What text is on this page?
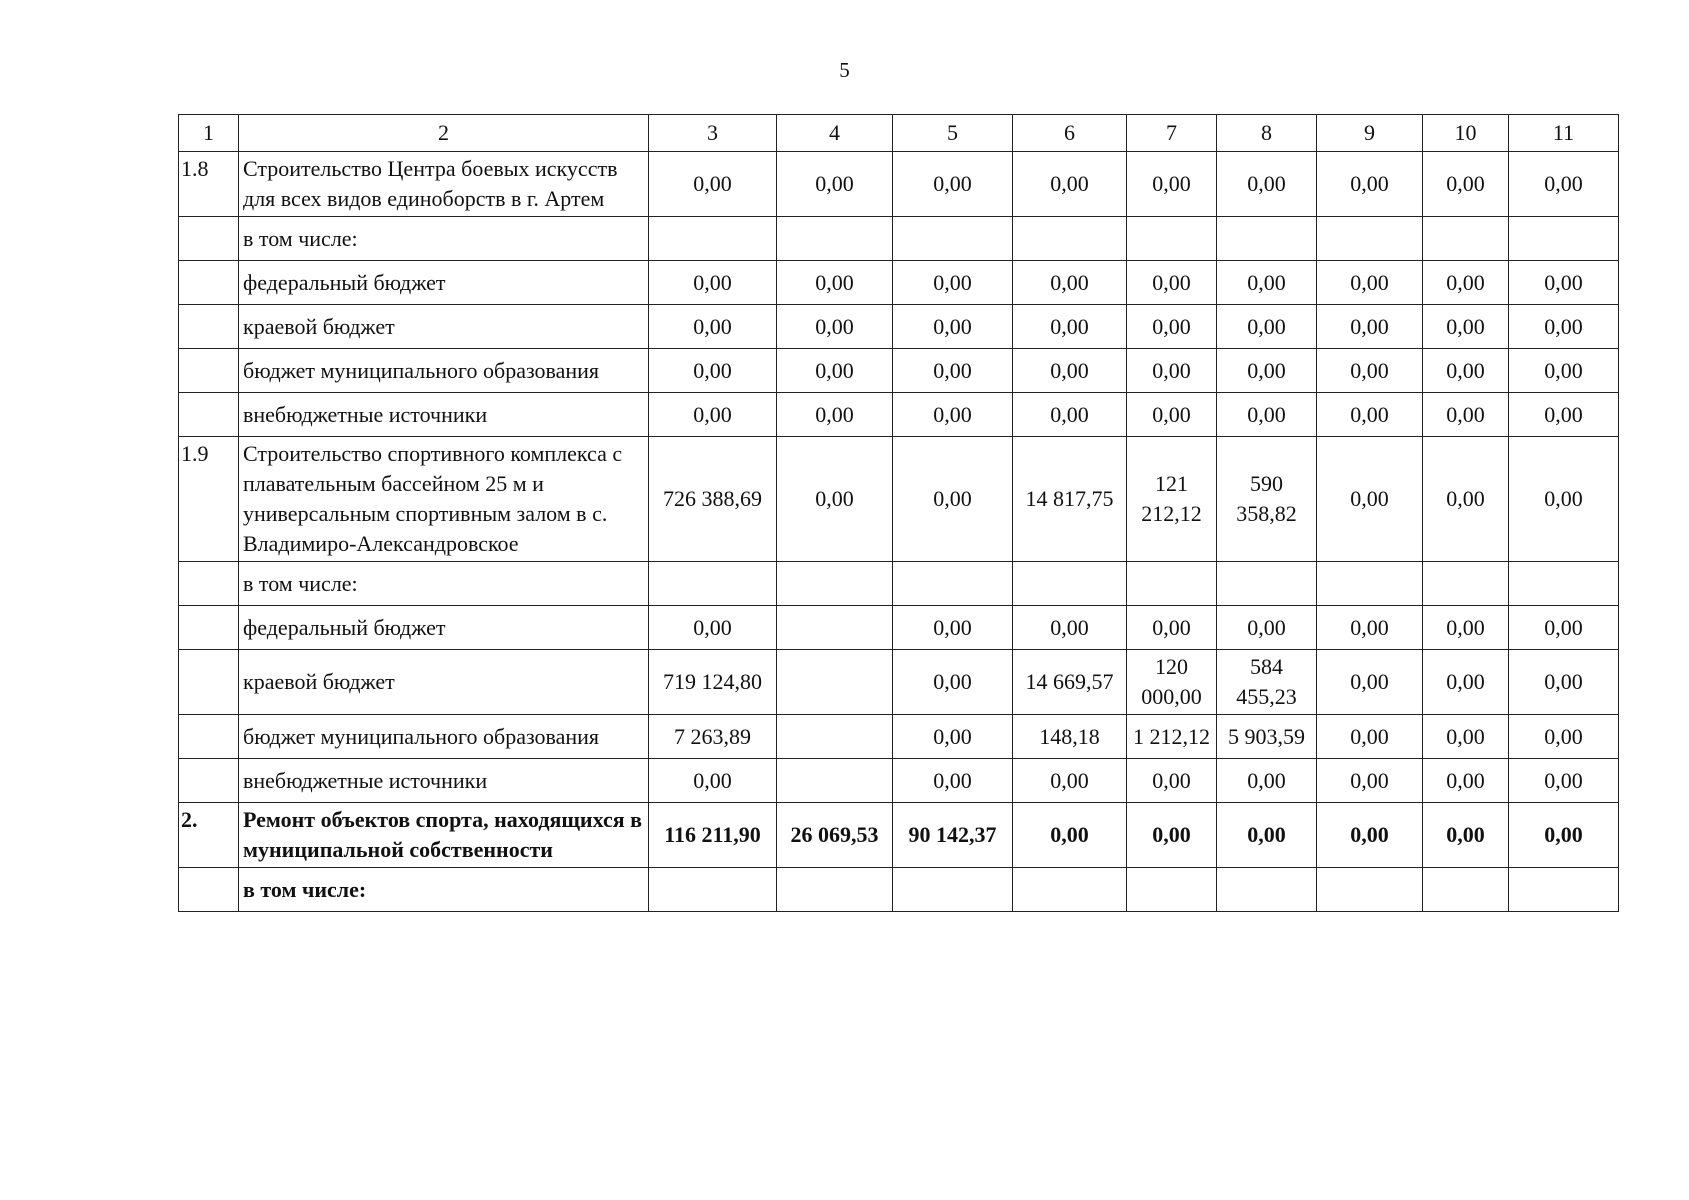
5
1	2	3	4	5	6	7	8	9	10	11
1.8	Строительство Центра боевых искусств для всех видов единоборств в г. Артем	0,00	0,00	0,00	0,00	0,00	0,00	0,00	0,00	0,00
	в том числе:									
	федеральный бюджет	0,00	0,00	0,00	0,00	0,00	0,00	0,00	0,00	0,00
	краевой бюджет	0,00	0,00	0,00	0,00	0,00	0,00	0,00	0,00	0,00
	бюджет муниципального образования	0,00	0,00	0,00	0,00	0,00	0,00	0,00	0,00	0,00
	внебюджетные источники	0,00	0,00	0,00	0,00	0,00	0,00	0,00	0,00	0,00
1.9	Строительство спортивного комплекса с плавательным бассейном 25 м и универсальным спортивным залом в с. Владимиро-Александровское	726 388,69	0,00	0,00	14 817,75	121 212,12	590 358,82	0,00	0,00	0,00
	в том числе:									
	федеральный бюджет	0,00		0,00	0,00	0,00	0,00	0,00	0,00	0,00
	краевой бюджет	719 124,80		0,00	14 669,57	120 000,00	584 455,23	0,00	0,00	0,00
	бюджет муниципального образования	7 263,89		0,00	148,18	1 212,12	5 903,59	0,00	0,00	0,00
	внебюджетные источники	0,00		0,00	0,00	0,00	0,00	0,00	0,00	0,00
2.	Ремонт объектов спорта, находящихся в муниципальной собственности	116 211,90	26 069,53	90 142,37	0,00	0,00	0,00	0,00	0,00	0,00
	в том числе:									
